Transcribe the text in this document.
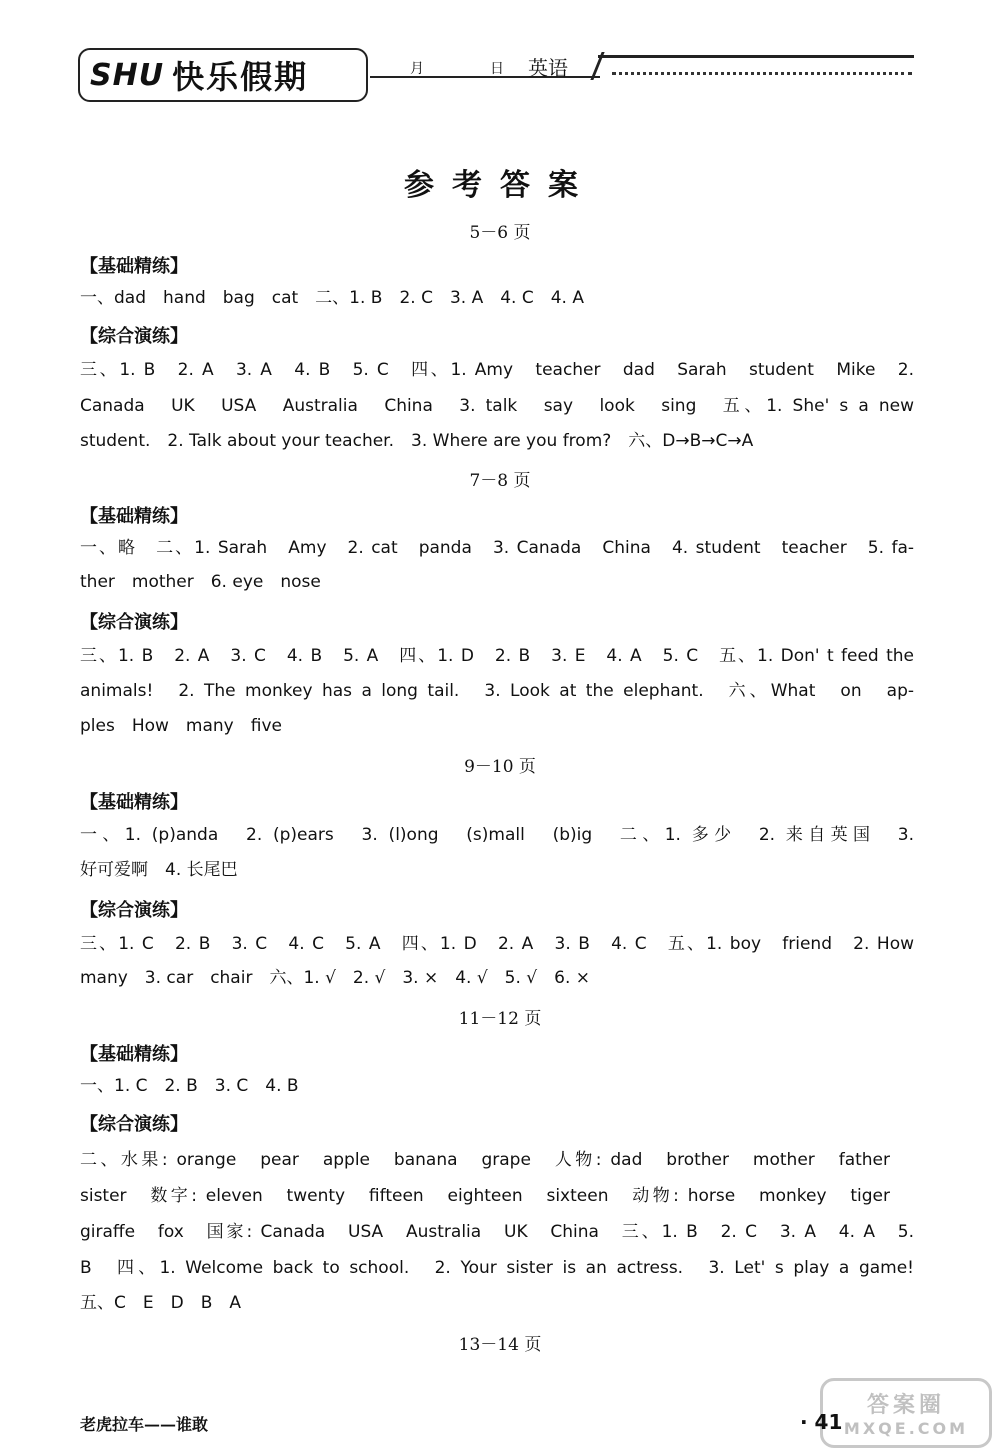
SHU 快乐假期	月	日 英语
参考答案
5－6 页
【基础精练】
一、dad　hand　bag　cat　二、1. B　2. C　3. A　4. C　4. A
【综合演练】
三、1. B　2. A　3. A　4. B　5. C　四、1. Amy　teacher　dad　Sarah　student　Mike　2.
Canada　UK　USA　Australia　China　3. talk　say　look　sing　五、1. She' s a new
student.　2. Talk about your teacher.　3. Where are you from?　六、D→B→C→A
7－8 页
【基础精练】
一、略　二、1. Sarah　Amy　2. cat　panda　3. Canada　China　4. student　teacher　5. fa-
ther　mother　6. eye　nose
【综合演练】
三、1. B　2. A　3. C　4. B　5. A　四、1. D　2. B　3. E　4. A　5. C　五、1. Don' t feed the
animals!　2. The monkey has a long tail.　3. Look at the elephant.　六、What　on　ap-
ples　How　many　five
9－10 页
【基础精练】
一、1. (p)anda　2. (p)ears　3. (l)ong　(s)mall　(b)ig　二、1. 多少　2. 来自英国　3.
好可爱啊　4. 长尾巴
【综合演练】
三、1. C　2. B　3. C　4. C　5. A　四、1. D　2. A　3. B　4. C　五、1. boy　friend　2. How
many　3. car　chair　六、1. √　2. √　3. ×　4. √　5. √　6. ×
11－12 页
【基础精练】
一、1. C　2. B　3. C　4. B
【综合演练】
二、水果: orange　pear　apple　banana　grape　人物: dad　brother　mother　father
sister　数字: eleven　twenty　fifteen　eighteen　sixteen　动物: horse　monkey　tiger
giraffe　fox　国家: Canada　USA　Australia　UK　China　三、1. B　2. C　3. A　4. A　5.
B　四、1. Welcome back to school.　2. Your sister is an actress.　3. Let' s play a game!
五、C　E　D　B　A
13－14 页
老虎拉车——谁敢
答案圈
MXQE.COM
· 41
